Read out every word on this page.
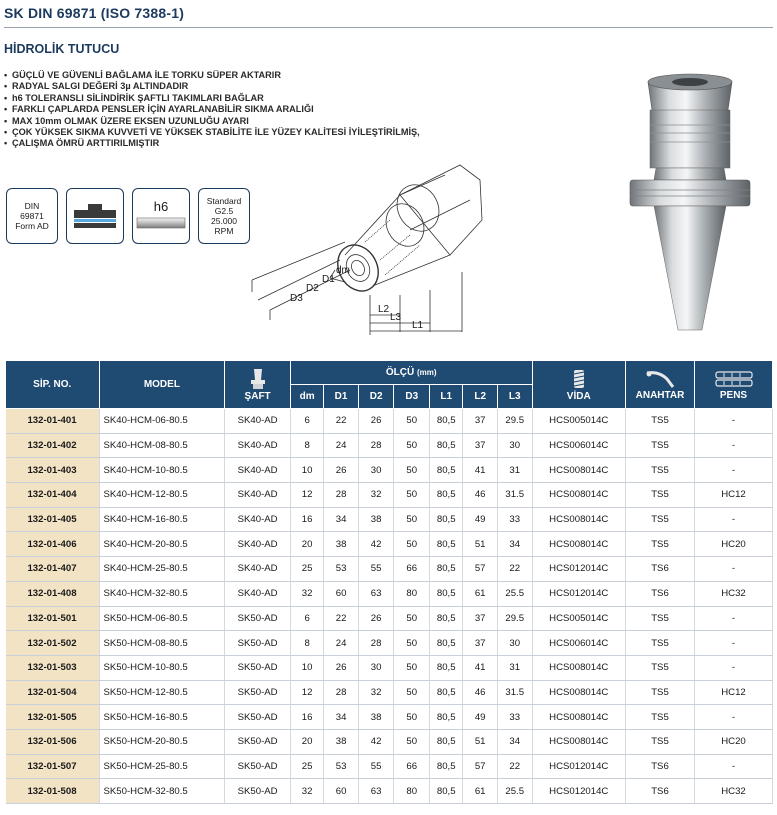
SK DIN 69871 (ISO 7388-1)
HİDROLİK TUTUCU
• GÜÇLÜ VE GÜVENLİ BAĞLAMA İLE TORKU SÜPER AKTARIR
• RADYAL SALGI DEĞERİ 3µ ALTINDADIR
• h6 TOLERANSLI SİLİNDİRİK ŞAFTLI TAKIMLARI BAĞLAR
• FARKLI ÇAPLARDA PENSLER İÇİN AYARLANABİLİR SIKMA ARALIĞI
• MAX 10mm OLMAK ÜZERE EKSEN UZUNLUĞU AYARI
• ÇOK YÜKSEK SIKMA KUVVETİ VE YÜKSEK STABİLİTE İLE YÜZEY KALİTESİ İYİLEŞTİRİLMİŞ,
• ÇALIŞMA ÖMRÜ ARTTIRILMIŞTIR
DIN
69871
Form AD
h6	Standard
G2.5
25.000
RPM
dm
D1
D2
D3
L2
L3
L1
SİP. NO.	MODEL	ŞAFT	ÖLÇÜ (mm)							VİDA	ANAHTAR	PENS
			dm	D1	D2	D3	L1	L2	L3			
132-01-401	SK40-HCM-06-80.5	SK40-AD	6	22	26	50	80,5	37	29.5	HCS005014C	TS5	-
132-01-402	SK40-HCM-08-80.5	SK40-AD	8	24	28	50	80,5	37	30	HCS006014C	TS5	-
132-01-403	SK40-HCM-10-80.5	SK40-AD	10	26	30	50	80,5	41	31	HCS008014C	TS5	-
132-01-404	SK40-HCM-12-80.5	SK40-AD	12	28	32	50	80,5	46	31.5	HCS008014C	TS5	HC12
132-01-405	SK40-HCM-16-80.5	SK40-AD	16	34	38	50	80,5	49	33	HCS008014C	TS5	-
132-01-406	SK40-HCM-20-80.5	SK40-AD	20	38	42	50	80,5	51	34	HCS008014C	TS5	HC20
132-01-407	SK40-HCM-25-80.5	SK40-AD	25	53	55	66	80,5	57	22	HCS012014C	TS6	-
132-01-408	SK40-HCM-32-80.5	SK40-AD	32	60	63	80	80,5	61	25.5	HCS012014C	TS6	HC32
132-01-501	SK50-HCM-06-80.5	SK50-AD	6	22	26	50	80,5	37	29.5	HCS005014C	TS5	-
132-01-502	SK50-HCM-08-80.5	SK50-AD	8	24	28	50	80,5	37	30	HCS006014C	TS5	-
132-01-503	SK50-HCM-10-80.5	SK50-AD	10	26	30	50	80,5	41	31	HCS008014C	TS5	-
132-01-504	SK50-HCM-12-80.5	SK50-AD	12	28	32	50	80,5	46	31.5	HCS008014C	TS5	HC12
132-01-505	SK50-HCM-16-80.5	SK50-AD	16	34	38	50	80,5	49	33	HCS008014C	TS5	-
132-01-506	SK50-HCM-20-80.5	SK50-AD	20	38	42	50	80,5	51	34	HCS008014C	TS5	HC20
132-01-507	SK50-HCM-25-80.5	SK50-AD	25	53	55	66	80,5	57	22	HCS012014C	TS6	-
132-01-508	SK50-HCM-32-80.5	SK50-AD	32	60	63	80	80,5	61	25.5	HCS012014C	TS6	HC32
